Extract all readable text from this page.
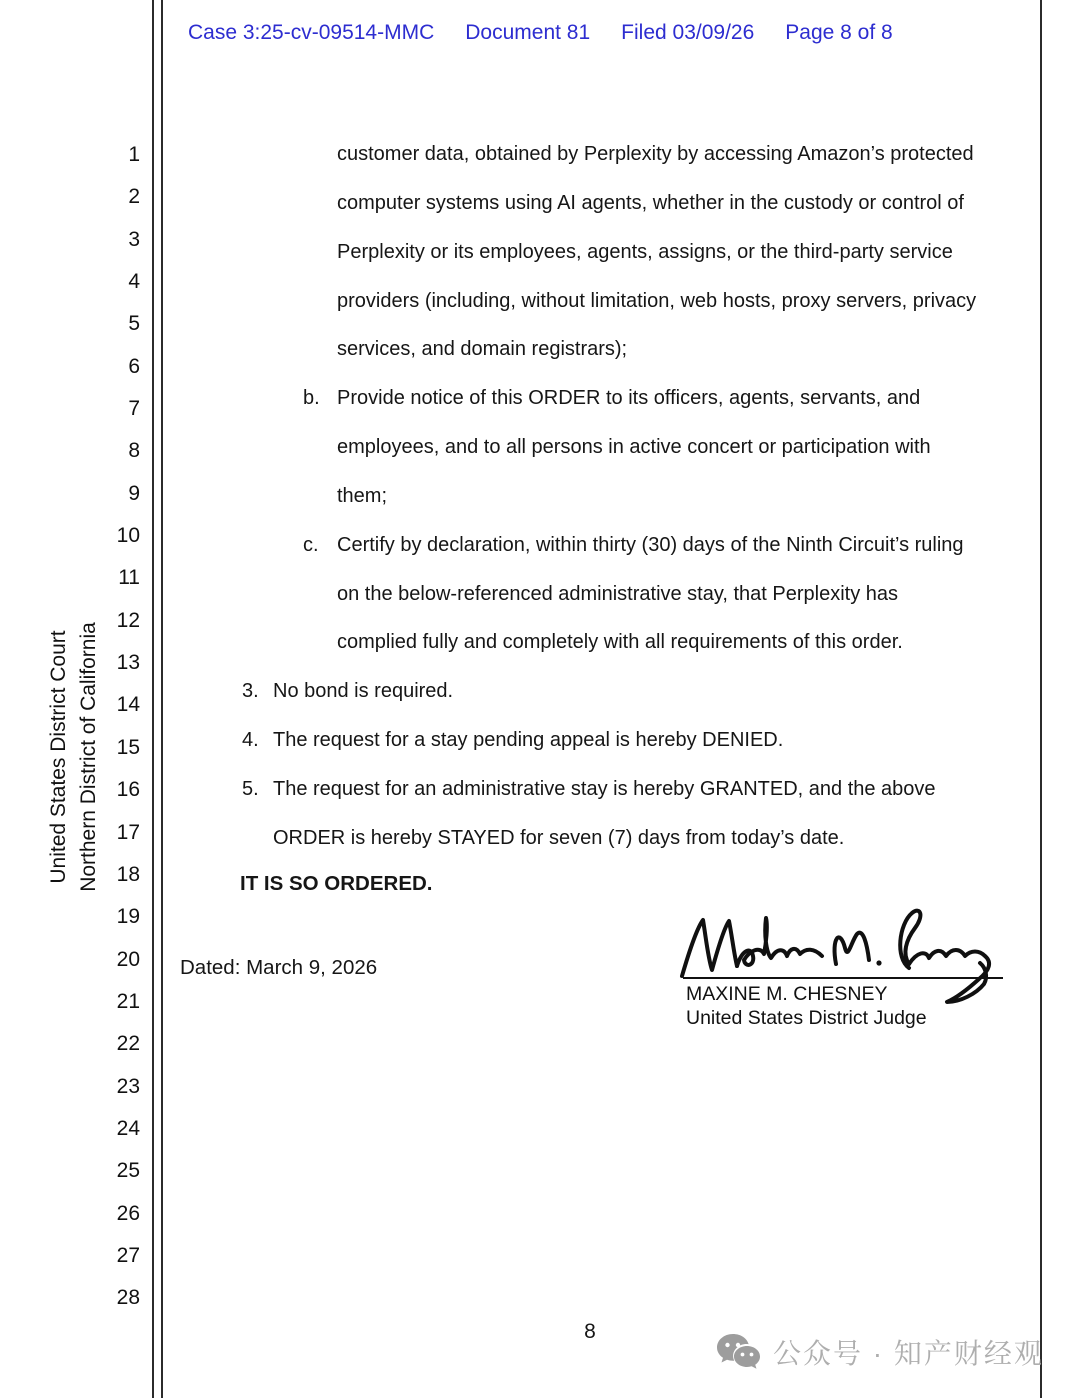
Case 3:25-cv-09514-MMC Document 81 Filed 03/09/26 Page 8 of 8
1
2
3
4
5
6
7
8
9
10
11
12
13
14
15
16
17
18
19
20
21
22
23
24
25
26
27
28
United States District Court Northern District of California
customer data, obtained by Perplexity by accessing Amazon’s protected
computer systems using AI agents, whether in the custody or control of
Perplexity or its employees, agents, assigns, or the third-party service
providers (including, without limitation, web hosts, proxy servers, privacy
services, and domain registrars);
b. Provide notice of this ORDER to its officers, agents, servants, and
employees, and to all persons in active concert or participation with
them;
c. Certify by declaration, within thirty (30) days of the Ninth Circuit’s ruling
on the below-referenced administrative stay, that Perplexity has
complied fully and completely with all requirements of this order.
3. No bond is required.
4. The request for a stay pending appeal is hereby DENIED.
5. The request for an administrative stay is hereby GRANTED, and the above
ORDER is hereby STAYED for seven (7) days from today’s date.
IT IS SO ORDERED.
Dated: March 9, 2026
MAXINE M. CHESNEY
United States District Judge
8
公众号 · 知产财经观
